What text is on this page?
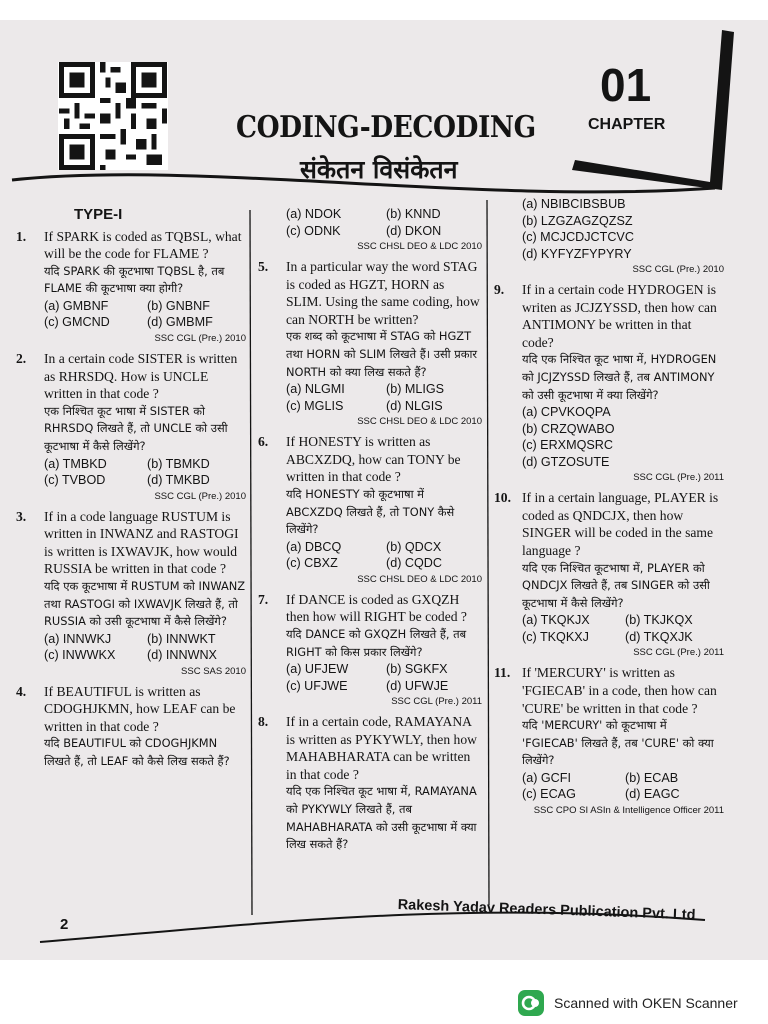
CODING-DECODING
संकेतन विसंकेतन
01
CHAPTER
TYPE-I
1. If SPARK is coded as TQBSL, what will be the code for FLAME ?
यदि SPARK की कूटभाषा TQBSL है, तब FLAME की कूटभाषा क्या होगी?
(a) GMBNF	(b) GNBNF
(c) GMCND	(d) GMBMF
SSC CGL (Pre.) 2010
2. In a certain code SISTER is written as RHRSDQ. How is UNCLE written in that code ?
एक निश्चित कूट भाषा में SISTER को RHRSDQ लिखते हैं, तो UNCLE को उसी कूटभाषा में कैसे लिखेंगे?
(a) TMBKD	(b) TBMKD
(c) TVBOD	(d) TMKBD
SSC CGL (Pre.) 2010
3. If in a code language RUSTUM is written in INWANZ and RASTOGI is written is IXWAVJK, how would RUSSIA be written in that code ?
यदि एक कूटभाषा में RUSTUM को INWANZ तथा RASTOGI को IXWAVJK लिखते हैं, तो RUSSIA को उसी कूटभाषा में कैसे लिखेंगे?
(a) INNWKJ	(b) INNWKT
(c) INWWKX	(d) INNWNX
SSC SAS 2010
4. If BEAUTIFUL is written as CDOGHJKMN, how LEAF can be written in that code ?
यदि BEAUTIFUL को CDOGHJKMN लिखते हैं, तो LEAF को कैसे लिख सकते हैं?
(a) NDOK	(b) KNND
(c) ODNK	(d) DKON
SSC CHSL DEO & LDC 2010
5. In a particular way the word STAG is coded as HGZT, HORN as SLIM. Using the same coding, how can NORTH be written?
एक शब्द को कूटभाषा में STAG को HGZT तथा HORN को SLIM लिखते हैं। उसी प्रकार NORTH को क्या लिख सकते हैं?
(a) NLGMI	(b) MLIGS
(c) MGLIS	(d) NLGIS
SSC CHSL DEO & LDC 2010
6. If HONESTY is written as ABCXZDQ, how can TONY be written in that code ?
यदि HONESTY को कूटभाषा में ABCXZDQ लिखते हैं, तो TONY कैसे लिखेंगे?
(a) DBCQ	(b) QDCX
(c) CBXZ	(d) CQDC
SSC CHSL DEO & LDC 2010
7. If DANCE is coded as GXQZH then how will RIGHT be coded ?
यदि DANCE को GXQZH लिखते हैं, तब RIGHT को किस प्रकार लिखेंगे?
(a) UFJEW	(b) SGKFX
(c) UFJWE	(d) UFWJE
SSC CGL (Pre.) 2011
8. If in a certain code, RAMAYANA is written as PYKYWLY, then how MAHABHARATA can be written in that code ?
यदि एक निश्चित कूट भाषा में, RAMAYANA को PYKYWLY लिखते हैं, तब MAHABHARATA को उसी कूटभाषा में क्या लिख सकते हैं?
(a) NBIBCIBSBUB
(b) LZGZAGZQZSZ
(c) MCJCDJCTCVC
(d) KYFYZFYPYRY
SSC CGL (Pre.) 2010
9. If in a certain code HYDROGEN is writen as JCJZYSSD, then how can ANTIMONY be written in that code?
यदि एक निश्चित कूट भाषा में, HYDROGEN को JCJZYSSD लिखते हैं, तब ANTIMONY को उसी कूटभाषा में क्या लिखेंगे?
(a) CPVKOQPA
(b) CRZQWABO
(c) ERXMQSRC
(d) GTZOSUTE
SSC CGL (Pre.) 2011
10. If in a certain language, PLAYER is coded as QNDCJX, then how SINGER will be coded in the same language ?
यदि एक निश्चित कूटभाषा में, PLAYER को QNDCJX लिखते हैं, तब SINGER को उसी कूटभाषा में कैसे लिखेंगे?
(a) TKQKJX	(b) TKJKQX
(c) TKQKXJ	(d) TKQXJK
SSC CGL (Pre.) 2011
11. If 'MERCURY' is written as 'FGIECAB' in a code, then how can 'CURE' be written in that code ?
यदि 'MERCURY' को कूटभाषा में 'FGIECAB' लिखते हैं, तब 'CURE' को क्या लिखेंगे?
(a) GCFI	(b) ECAB
(c) ECAG	(d) EAGC
SSC CPO SI ASIn & Intelligence Officer 2011
2
Rakesh Yadav Readers Publication Pvt. Ltd
Scanned with OKEN Scanner
